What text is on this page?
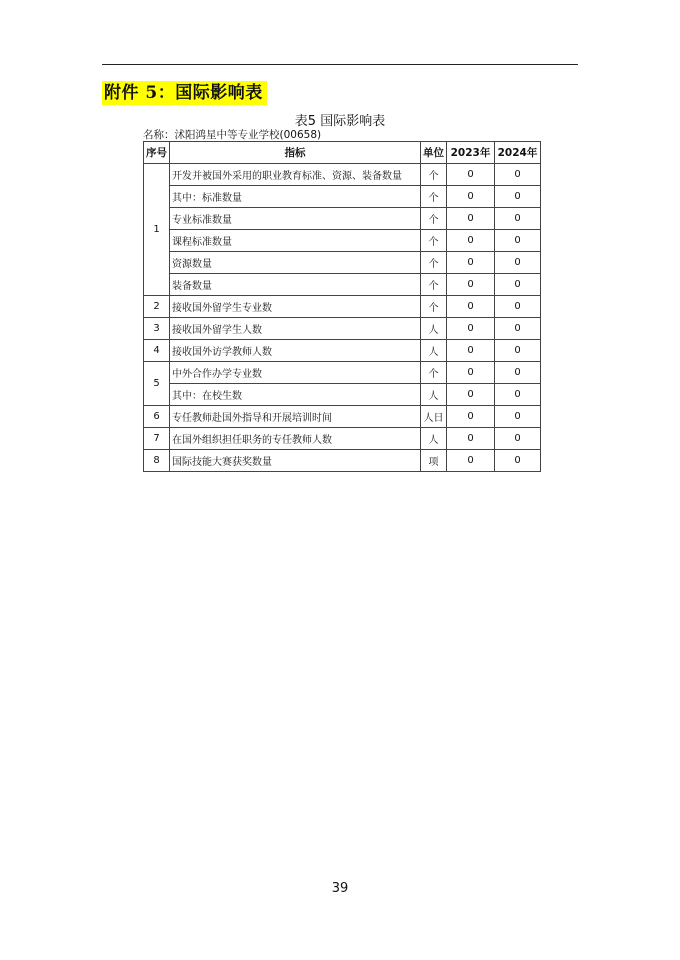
附件 5：国际影响表
表5 国际影响表
名称：沭阳鸿星中等专业学校(00658)
序号	指标	单位	2023年	2024年
1	开发并被国外采用的职业教育标准、资源、装备数量	个	0	0
	其中：标准数量	个	0	0
	专业标准数量	个	0	0
	课程标准数量	个	0	0
	资源数量	个	0	0
	装备数量	个	0	0
2	接收国外留学生专业数	个	0	0
3	接收国外留学生人数	人	0	0
4	接收国外访学教师人数	人	0	0
5	中外合作办学专业数	个	0	0
	其中：在校生数	人	0	0
6	专任教师赴国外指导和开展培训时间	人日	0	0
7	在国外组织担任职务的专任教师人数	人	0	0
8	国际技能大赛获奖数量	项	0	0
39
